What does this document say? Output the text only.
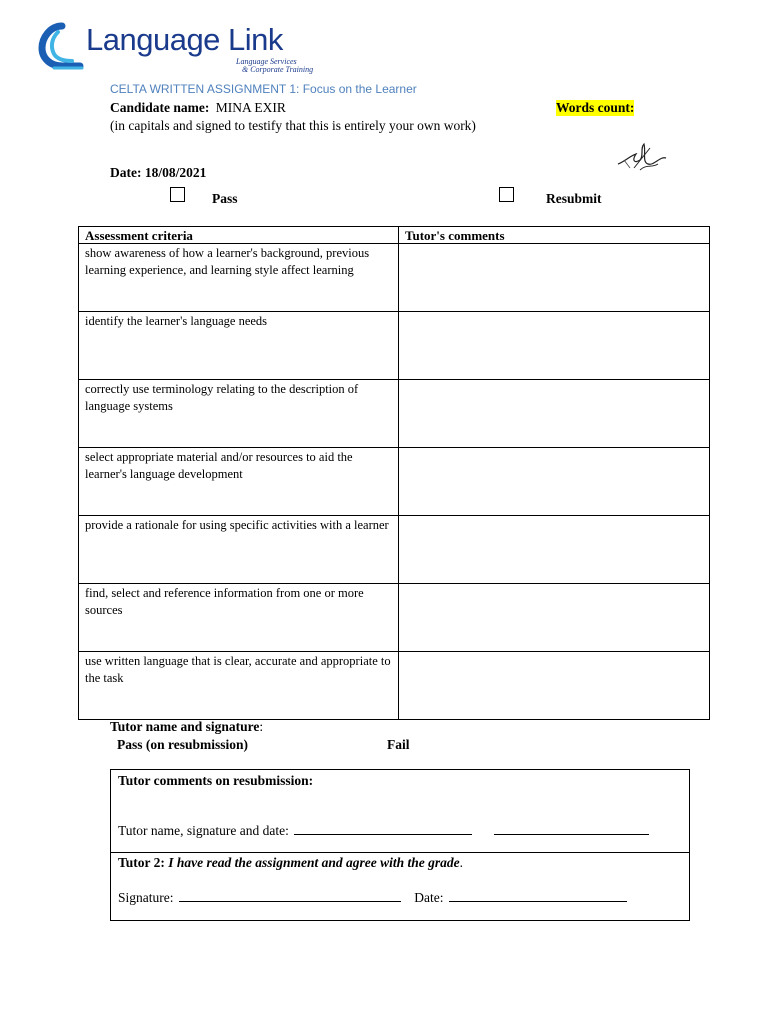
Language Link
Language Services
& Corporate Training
CELTA WRITTEN ASSIGNMENT 1: Focus on the Learner
Candidate name: MINA EXIR	Words count:
(in capitals and signed to testify that this is entirely your own work)
Date: 18/08/2021
Pass	Resubmit
Assessment criteria	Tutor's comments
show awareness of how a learner's background, previous learning experience, and learning style affect learning	
identify the learner's language needs	
correctly use terminology relating to the description of language systems	
select appropriate material and/or resources to aid the learner's language development	
provide a rationale for using specific activities with a learner	
find, select and reference information from one or more sources	
use written language that is clear, accurate and appropriate to the task	
Tutor name and signature:
Pass (on resubmission)	Fail
Tutor comments on resubmission:
Tutor name, signature and date:
Tutor 2: I have read the assignment and agree with the grade.
Signature:	Date:
